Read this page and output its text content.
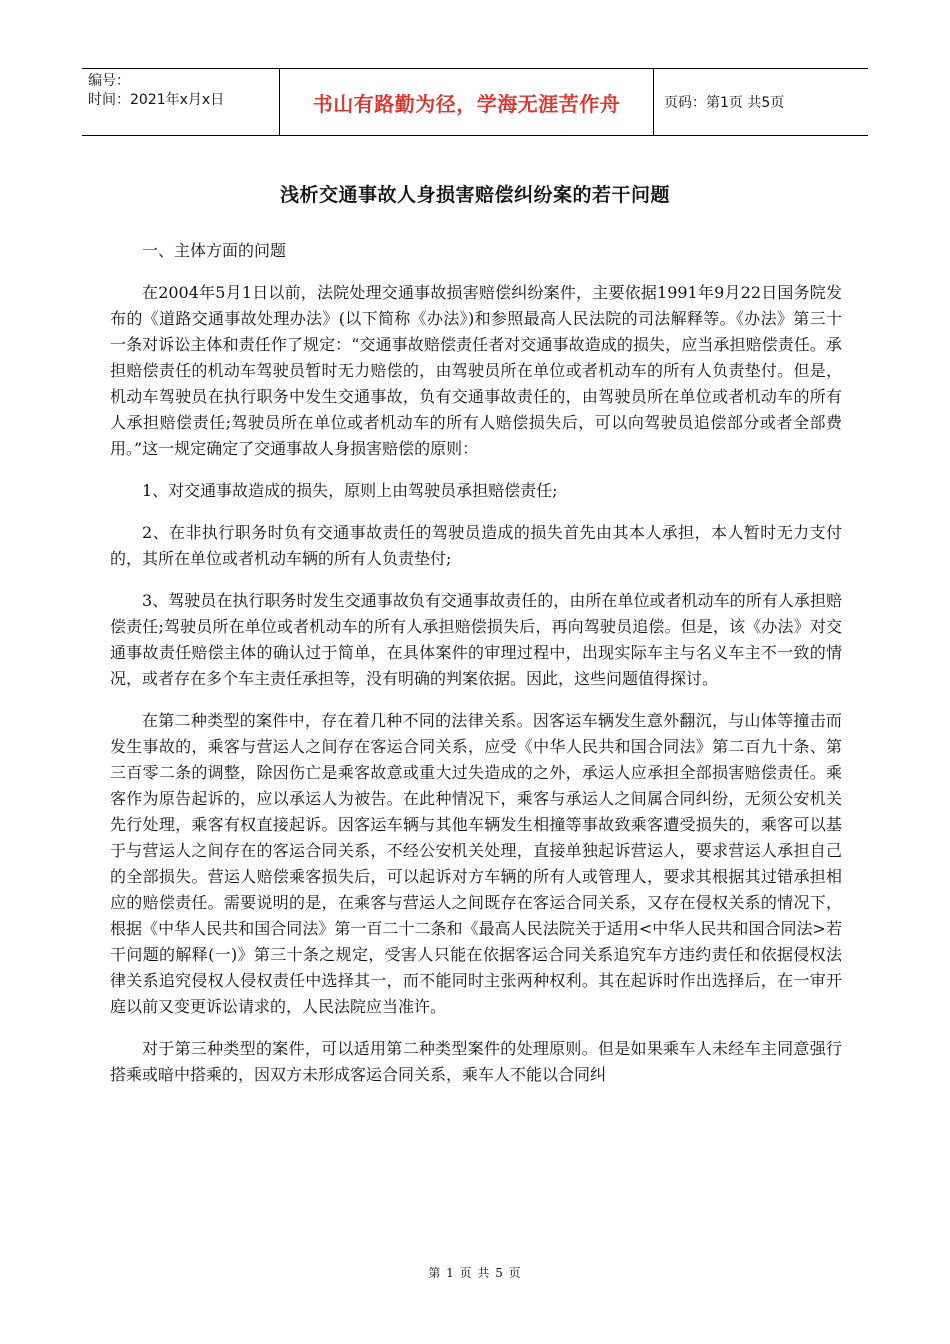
编号：
时间：2021年x月x日	书山有路勤为径，学海无涯苦作舟	页码：第1页 共5页
浅析交通事故人身损害赔偿纠纷案的若干问题

一、主体方面的问题

在2004年5月1日以前，法院处理交通事故损害赔偿纠纷案件，主要依据1991年9月22日国务院发布的《道路交通事故处理办法》(以下简称《办法》)和参照最高人民法院的司法解释等。《办法》第三十一条对诉讼主体和责任作了规定：“交通事故赔偿责任者对交通事故造成的损失，应当承担赔偿责任。承担赔偿责任的机动车驾驶员暂时无力赔偿的，由驾驶员所在单位或者机动车的所有人负责垫付。但是，机动车驾驶员在执行职务中发生交通事故，负有交通事故责任的，由驾驶员所在单位或者机动车的所有人承担赔偿责任;驾驶员所在单位或者机动车的所有人赔偿损失后，可以向驾驶员追偿部分或者全部费用。”这一规定确定了交通事故人身损害赔偿的原则：

1、对交通事故造成的损失，原则上由驾驶员承担赔偿责任;

2、在非执行职务时负有交通事故责任的驾驶员造成的损失首先由其本人承担，本人暂时无力支付的，其所在单位或者机动车辆的所有人负责垫付;

3、驾驶员在执行职务时发生交通事故负有交通事故责任的，由所在单位或者机动车的所有人承担赔偿责任;驾驶员所在单位或者机动车的所有人承担赔偿损失后，再向驾驶员追偿。但是，该《办法》对交通事故责任赔偿主体的确认过于简单，在具体案件的审理过程中，出现实际车主与名义车主不一致的情况，或者存在多个车主责任承担等，没有明确的判案依据。因此，这些问题值得探讨。

在第二种类型的案件中，存在着几种不同的法律关系。因客运车辆发生意外翻沉，与山体等撞击而发生事故的，乘客与营运人之间存在客运合同关系，应受《中华人民共和国合同法》第二百九十条、第三百零二条的调整，除因伤亡是乘客故意或重大过失造成的之外，承运人应承担全部损害赔偿责任。乘客作为原告起诉的，应以承运人为被告。在此种情况下，乘客与承运人之间属合同纠纷，无须公安机关先行处理，乘客有权直接起诉。因客运车辆与其他车辆发生相撞等事故致乘客遭受损失的，乘客可以基于与营运人之间存在的客运合同关系，不经公安机关处理，直接单独起诉营运人，要求营运人承担自己的全部损失。营运人赔偿乘客损失后，可以起诉对方车辆的所有人或管理人，要求其根据其过错承担相应的赔偿责任。需要说明的是，在乘客与营运人之间既存在客运合同关系，又存在侵权关系的情况下，根据《中华人民共和国合同法》第一百二十二条和《最高人民法院关于适用<中华人民共和国合同法>若干问题的解释(一)》第三十条之规定，受害人只能在依据客运合同关系追究车方违约责任和依据侵权法律关系追究侵权人侵权责任中选择其一，而不能同时主张两种权利。其在起诉时作出选择后，在一审开庭以前又变更诉讼请求的，人民法院应当准许。

对于第三种类型的案件，可以适用第二种类型案件的处理原则。但是如果乘车人未经车主同意强行搭乘或暗中搭乘的，因双方未形成客运合同关系，乘车人不能以合同纠

第 1 页 共 5 页
